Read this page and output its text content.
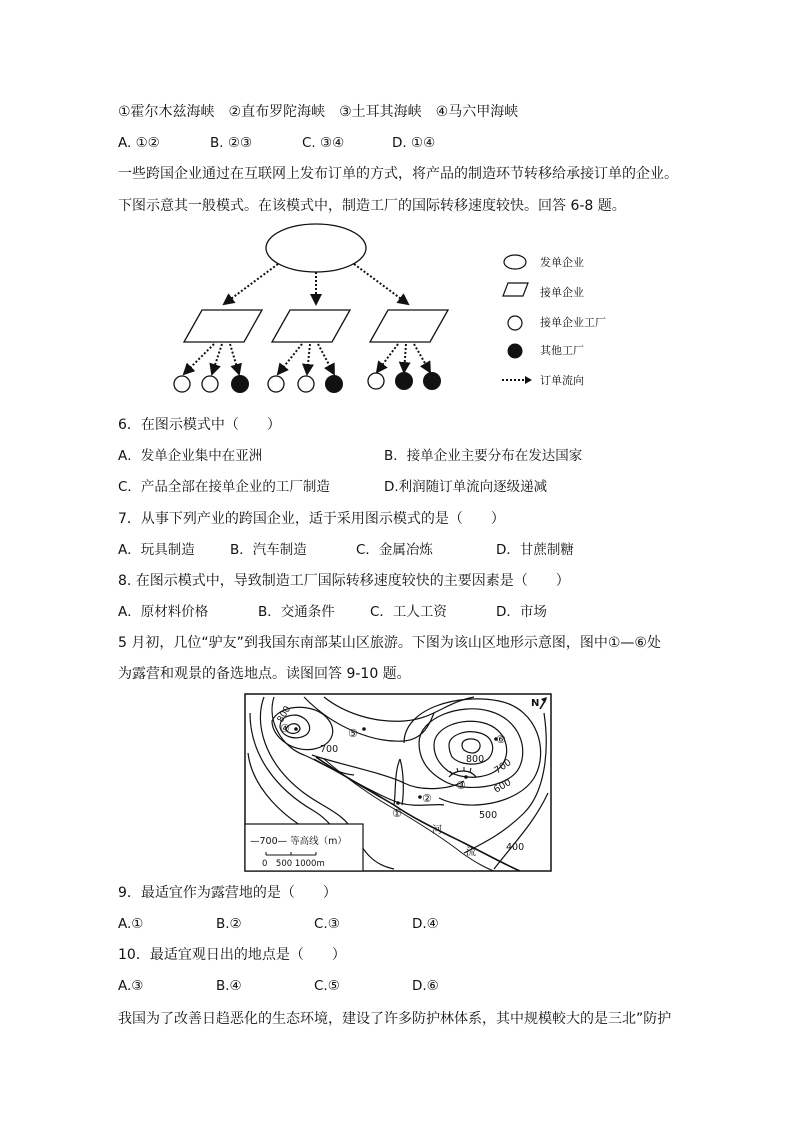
①霍尔木兹海峡　②直布罗陀海峡　③土耳其海峡　④马六甲海峡
A. ①②	B. ②③	C. ③④	D. ①④
一些跨国企业通过在互联网上发布订单的方式，将产品的制造环节转移给承接订单的企业。
下图示意其一般模式。在该模式中，制造工厂的国际转移速度较快。回答 6-8 题。
发单企业
接单企业
接单企业工厂
其他工厂
订单流向
6．在图示模式中（　　）
A．发单企业集中在亚洲	B．接单企业主要分布在发达国家
C．产品全部在接单企业的工厂制造	D.利润随订单流向逐级递减
7．从事下列产业的跨国企业，适于采用图示模式的是（　　）
A．玩具制造	B．汽车制造	C．金属冶炼	D．甘蔗制糖
8. 在图示模式中，导致制造工厂国际转移速度较快的主要因素是（　　）
A．原材料价格	B．交通条件	C．工人工资	D．市场
5 月初，几位“驴友”到我国东南部某山区旅游。下图为该山区地形示意图，图中①—⑥处
为露营和观景的备选地点。读图回答 9-10 题。
N
800
700
800 700
600
500
400
①
②
③
④	⑤	⑥
河
流
—700— 等高线（m）
0　500 1000m
9．最适宜作为露营地的是（　　）
A.①	B.②	C.③	D.④
10．最适宜观日出的地点是（　　）
A.③	B.④	C.⑤	D.⑥
我国为了改善日趋恶化的生态环境，建设了许多防护林体系，其中规模較大的是三北”防护
